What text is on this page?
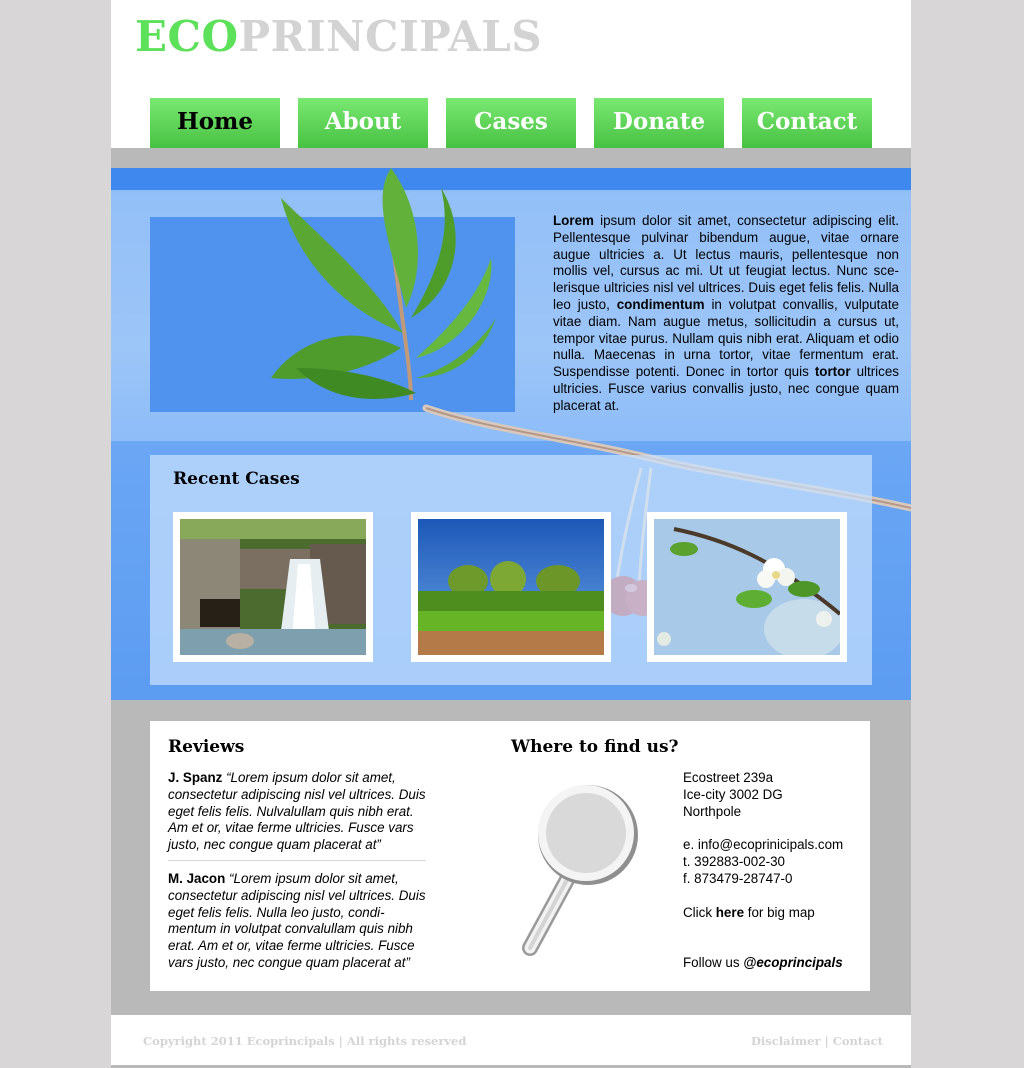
ECOPRINCIPALS
Home	About	Cases	Donate	Contact
Lorem ipsum dolor sit amet, consectetur adipiscing elit. Pellentesque pulvinar bibendum augue, vitae ornare augue ultricies a. Ut lectus mauris, pellentesque non mollis vel, cursus ac mi. Ut ut feugiat lectus. Nunc scelerisque ultricies nisl vel ultrices. Duis eget felis felis. Nulla leo justo, condimentum in volutpat convallis, vulputate vitae diam. Nam augue metus, sollicitudin a cursus ut, tempor vitae purus. Nullam quis nibh erat. Aliquam et odio nulla. Maecenas in urna tortor, vitae fermentum erat. Suspendisse potenti. Donec in tortor quis tortor ultrices ultricies. Fusce varius convallis justo, nec congue quam placerat at.
Recent Cases
Reviews
J. Spanz “Lorem ipsum dolor sit amet, consectetur adipiscing nisl vel ultrices. Duis eget felis felis. Nulvalullam quis nibh erat. Am et or, vitae ferme ultricies. Fusce vars justo, nec congue quam placerat at”
M. Jacon “Lorem ipsum dolor sit amet, consectetur adipiscing nisl vel ultrices. Duis eget felis felis. Nulla leo justo, condimentum in volutpat convalullam quis nibh erat. Am et or, vitae ferme ultricies. Fusce vars justo, nec congue quam placerat at”
Where to find us?
Ecostreet 239a
Ice-city 3002 DG
Northpole
e. info@ecoprinicipals.com
t. 392883-002-30
f. 873479-28747-0
Click here for big map
Follow us @ecoprincipals
Copyright 2011 Ecoprincipals | All rights reserved	Disclaimer | Contact
